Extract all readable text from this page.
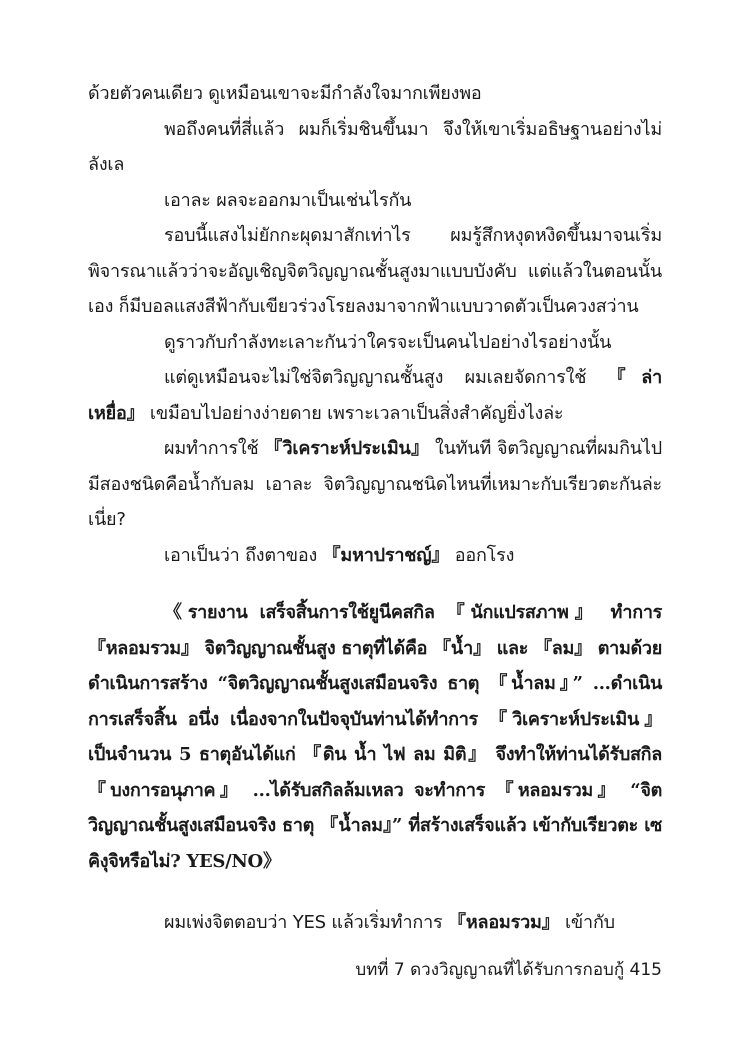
ด้วยตัวคนเดียว ดูเหมือนเขาจะมีกำลังใจมากเพียงพอ

พอถึงคนที่สี่แล้ว ผมก็เริ่มชินขึ้นมา จึงให้เขาเริ่มอธิษฐานอย่างไม่ลังเล

เอาละ ผลจะออกมาเป็นเช่นไรกัน

รอบนี้แสงไม่ยักกะผุดมาสักเท่าไร ผมรู้สึกหงุดหงิดขึ้นมาจนเริ่มพิจารณาแล้วว่าจะอัญเชิญจิตวิญญาณชั้นสูงมาแบบบังคับ แต่แล้วในตอนนั้นเอง ก็มีบอลแสงสีฟ้ากับเขียวร่วงโรยลงมาจากฟ้าแบบวาดตัวเป็นควงสว่าน

ดูราวกับกำลังทะเลาะกันว่าใครจะเป็นคนไปอย่างไรอย่างนั้น

แต่ดูเหมือนจะไม่ใช่จิตวิญญาณชั้นสูง ผมเลยจัดการใช้ 『ล่าเหยื่อ』 เขมือบไปอย่างง่ายดาย เพราะเวลาเป็นสิ่งสำคัญยิ่งไงล่ะ

ผมทำการใช้ 『วิเคราะห์ประเมิน』 ในทันที จิตวิญญาณที่ผมกินไปมีสองชนิดคือน้ำกับลม เอาละ จิตวิญญาณชนิดไหนที่เหมาะกับเรียวตะกันล่ะเนี่ย?

เอาเป็นว่า ถึงตาของ 『มหาปราชญ์』 ออกโรง

《รายงาน เสร็จสิ้นการใช้ยูนีคสกิล 『นักแปรสภาพ』 ทำการ 『หลอมรวม』 จิตวิญญาณชั้นสูง ธาตุที่ได้คือ 『น้ำ』 และ 『ลม』 ตามด้วย ดำเนินการสร้าง “จิตวิญญาณชั้นสูงเสมือนจริง ธาตุ 『น้ำลม』” ...ดำเนินการเสร็จสิ้น อนึ่ง เนื่องจากในปัจจุบันท่านได้ทำการ 『วิเคราะห์ประเมิน』 เป็นจำนวน 5 ธาตุอันได้แก่ 『ดิน น้ำ ไฟ ลม มิติ』 จึงทำให้ท่านได้รับสกิล 『บงการอนุภาค』 ...ได้รับสกิลล้มเหลว จะทำการ 『หลอมรวม』 “จิตวิญญาณชั้นสูงเสมือนจริง ธาตุ 『น้ำลม』” ที่สร้างเสร็จแล้ว เข้ากับเรียวตะ เซคิงุจิหรือไม่? YES/NO》

ผมเพ่งจิตตอบว่า YES แล้วเริ่มทำการ 『หลอมรวม』 เข้ากับ

บทที่ 7 ดวงวิญญาณที่ได้รับการกอบกู้ 415
